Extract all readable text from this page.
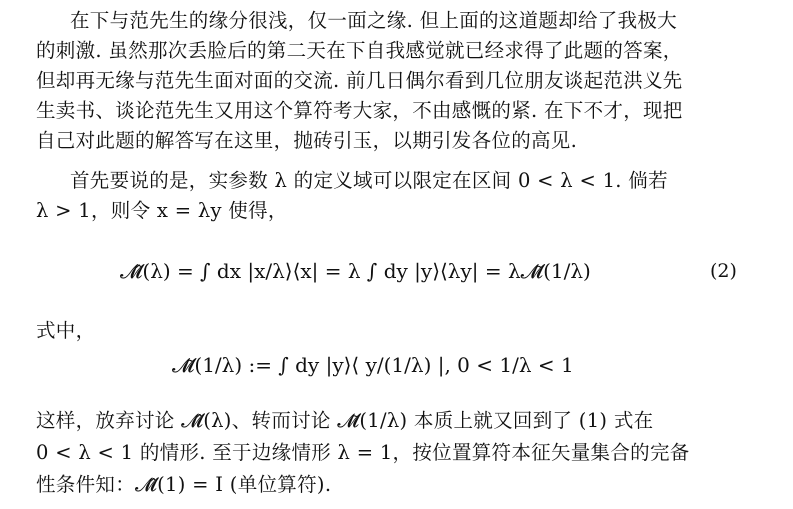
在下与范先生的缘分很浅，仅一面之缘. 但上面的这道题却给了我极大
的刺激. 虽然那次丢脸后的第二天在下自我感觉就已经求得了此题的答案，
但却再无缘与范先生面对面的交流. 前几日偶尔看到几位朋友谈起范洪义先
生卖书、谈论范先生又用这个算符考大家，不由感慨的紧. 在下不才，现把
自己对此题的解答写在这里，抛砖引玉，以期引发各位的高见.
首先要说的是，实参数 λ 的定义域可以限定在区间 0 < λ < 1. 倘若
λ > 1，则令 x = λy 使得，
𝓜̂(λ) = ∫ dx |x/λ⟩⟨x| = λ ∫ dy |y⟩⟨λy| = λ𝓜̃(1/λ)	(2)
式中，
𝓜̃(1/λ) := ∫ dy |y⟩⟨ y/(1/λ) |, 0 < 1/λ < 1
这样，放弃讨论 𝓜̂(λ)、转而讨论 𝓜̃(1/λ) 本质上就又回到了 (1) 式在
0 < λ < 1 的情形. 至于边缘情形 λ = 1，按位置算符本征矢量集合的完备
性条件知：𝓜̂(1) = I (单位算符).
